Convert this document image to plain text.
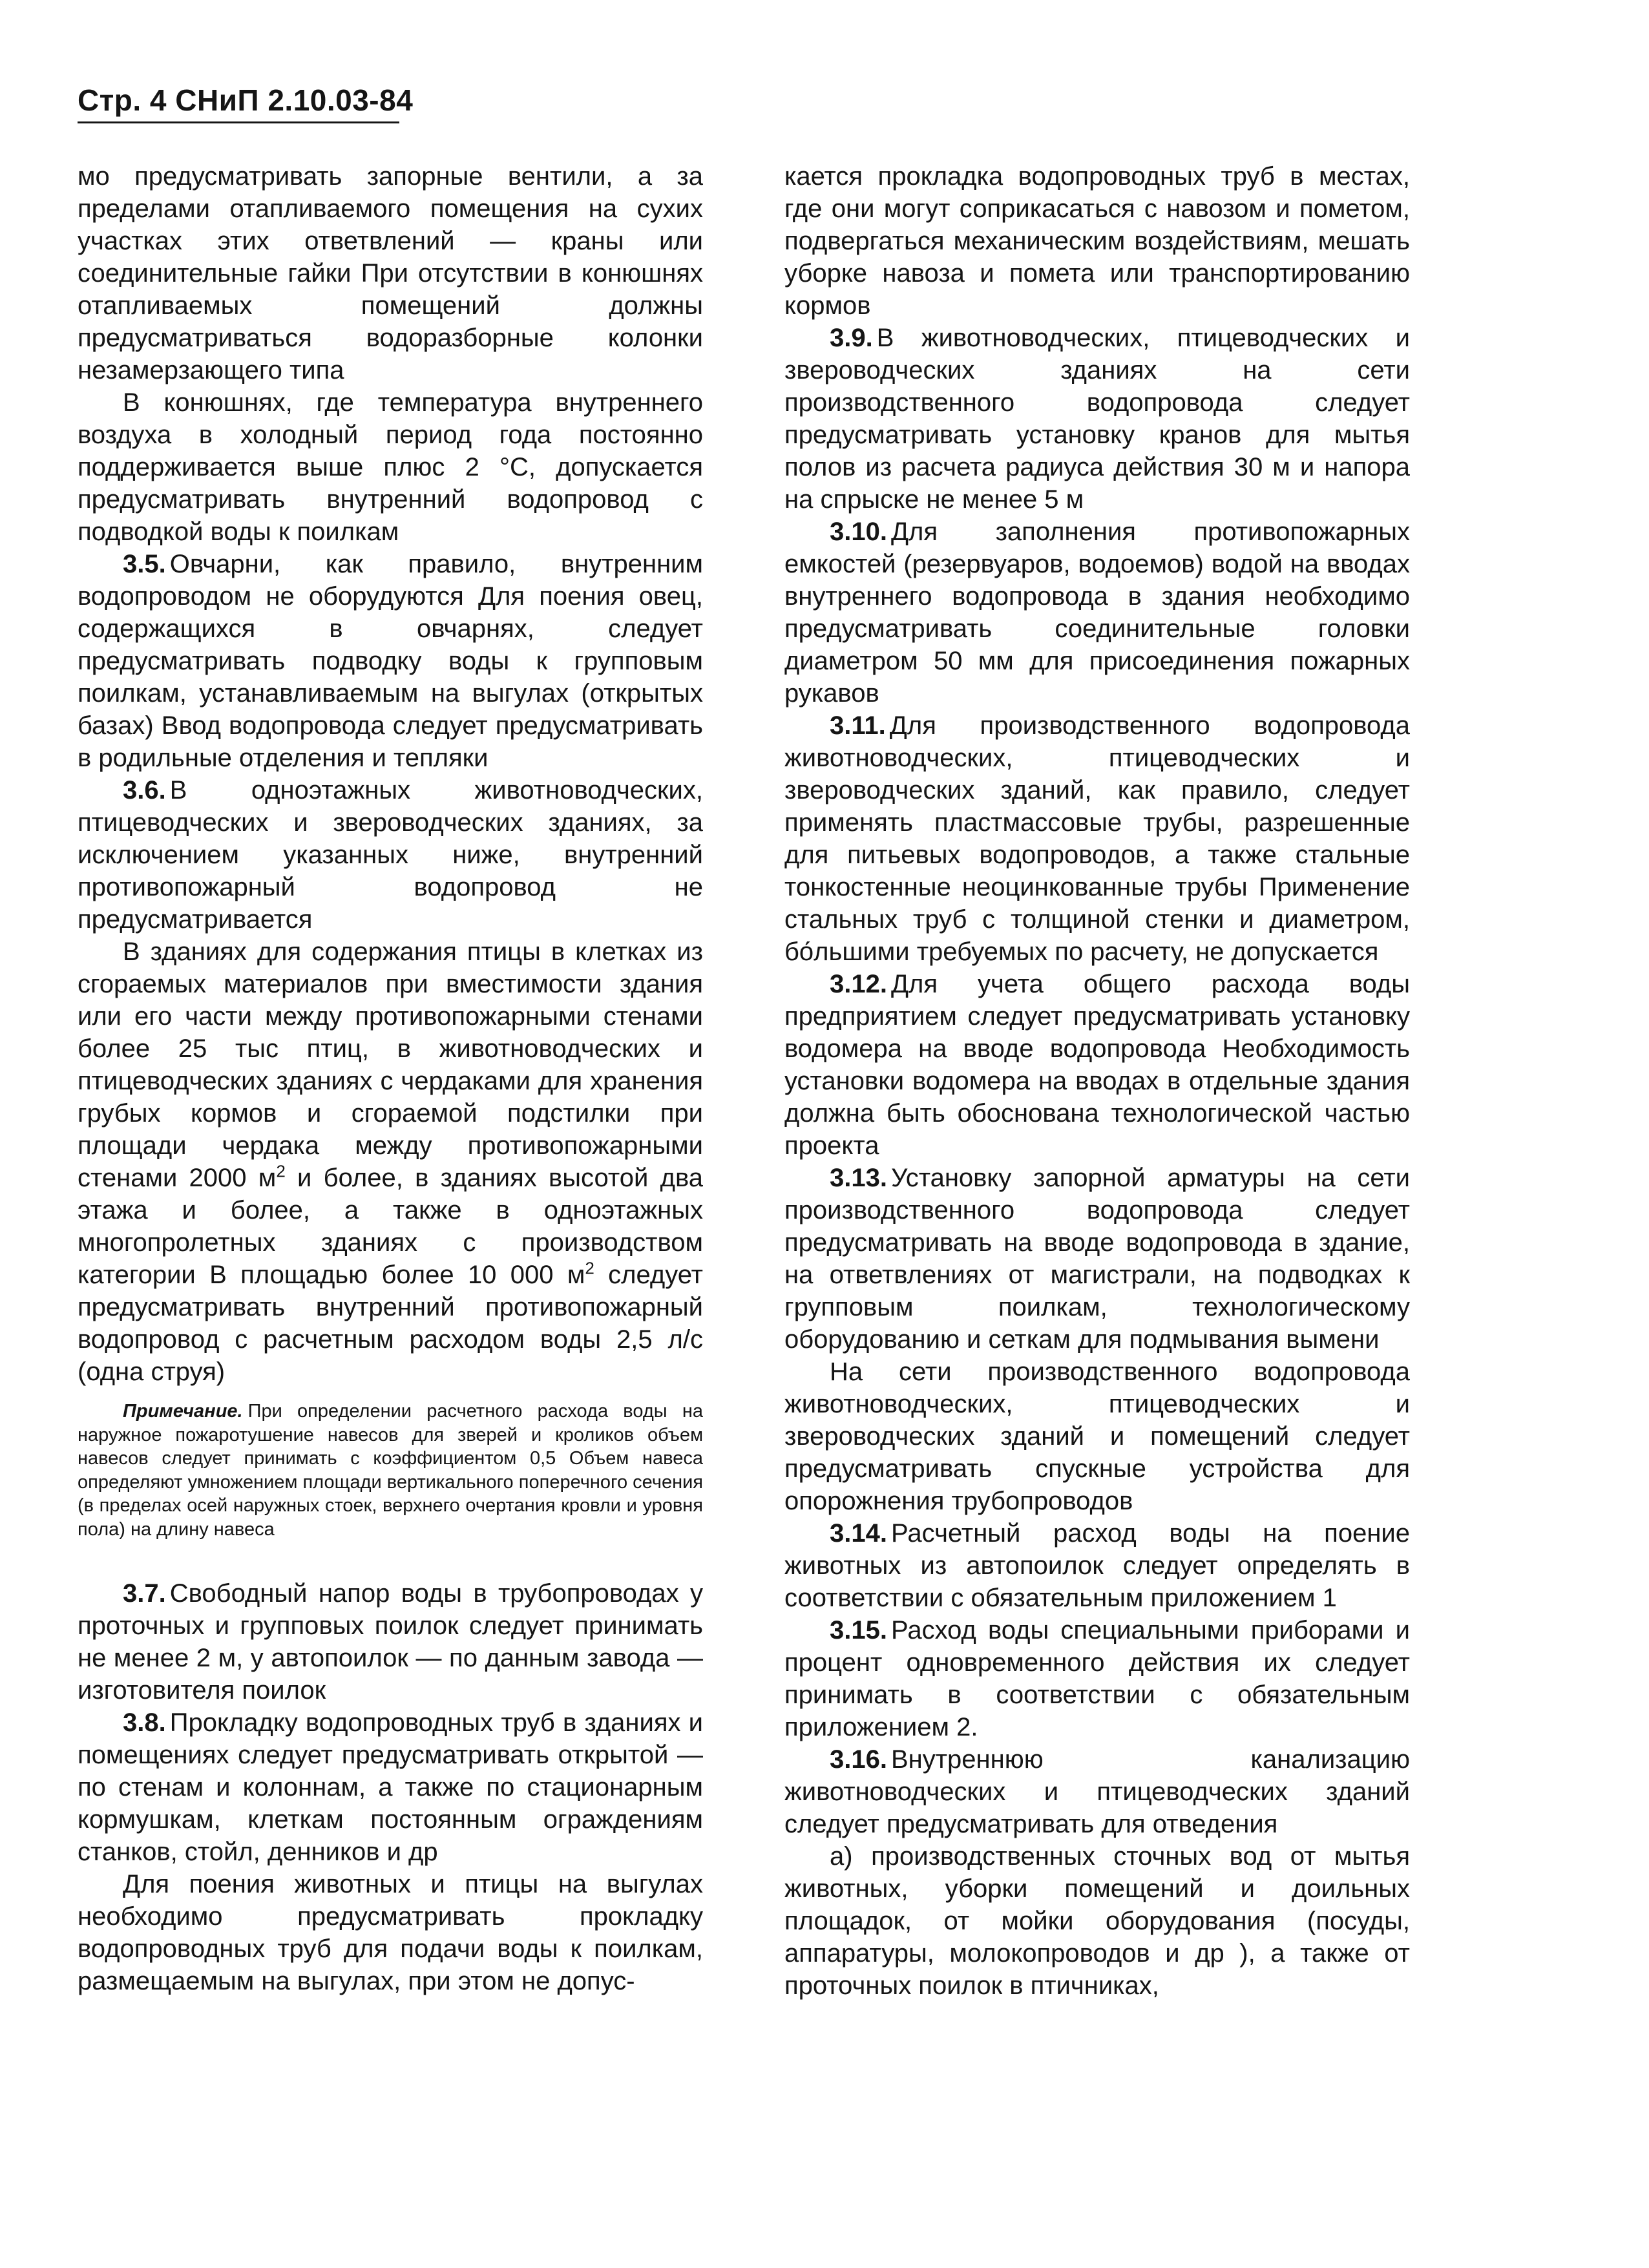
Стр. 4 СНиП 2.10.03-84

мо предусматривать запорные вентили, а за пределами отапливаемого помещения на сухих участках этих ответвлений — краны или соединительные гайки При отсутствии в конюшнях отапливаемых помещений должны предусматриваться водоразборные колонки незамерзающего типа

В конюшнях, где температура внутреннего воздуха в холодный период года постоянно поддерживается выше плюс 2 °С, допускается предусматривать внутренний водопровод с подводкой воды к поилкам

3.5. Овчарни, как правило, внутренним водопроводом не оборудуются Для поения овец, содержащихся в овчарнях, следует предусматривать подводку воды к групповым поилкам, устанавливаемым на выгулах (открытых базах) Ввод водопровода следует предусматривать в родильные отделения и тепляки

3.6. В одноэтажных животноводческих, птицеводческих и звероводческих зданиях, за исключением указанных ниже, внутренний противопожарный водопровод не предусматривается

В зданиях для содержания птицы в клетках из сгораемых материалов при вместимости здания или его части между противопожарными стенами более 25 тыс птиц, в животноводческих и птицеводческих зданиях с чердаками для хранения грубых кормов и сгораемой подстилки при площади чердака между противопожарными стенами 2000 $м^2$ и более, в зданиях высотой два этажа и более, а также в одноэтажных многопролетных зданиях с производством категории В площадью более 10 000 $м^2$ следует предусматривать внутренний противопожарный водопровод с расчетным расходом воды 2,5 л/с (одна струя)

Примечание. При определении расчетного расхода воды на наружное пожаротушение навесов для зверей и кроликов объем навесов следует принимать с коэффициентом 0,5 Объем навеса определяют умножением площади вертикального поперечного сечения (в пределах осей наружных стоек, верхнего очертания кровли и уровня пола) на длину навеса

3.7. Свободный напор воды в трубопроводах у проточных и групповых поилок следует принимать не менее 2 м, у автопоилок — по данным завода — изготовителя поилок

3.8. Прокладку водопроводных труб в зданиях и помещениях следует предусматривать открытой — по стенам и колоннам, а также по стационарным кормушкам, клеткам постоянным ограждениям станков, стойл, денников и др

Для поения животных и птицы на выгулах необходимо предусматривать прокладку водопроводных труб для подачи воды к поилкам, размещаемым на выгулах, при этом не допус-

кается прокладка водопроводных труб в местах, где они могут соприкасаться с навозом и пометом, подвергаться механическим воздействиям, мешать уборке навоза и помета или транспортированию кормов

3.9. В животноводческих, птицеводческих и звероводческих зданиях на сети производственного водопровода следует предусматривать установку кранов для мытья полов из расчета радиуса действия 30 м и напора на спрыске не менее 5 м

3.10. Для заполнения противопожарных емкостей (резервуаров, водоемов) водой на вводах внутреннего водопровода в здания необходимо предусматривать соединительные головки диаметром 50 мм для присоединения пожарных рукавов

3.11. Для производственного водопровода животноводческих, птицеводческих и звероводческих зданий, как правило, следует применять пластмассовые трубы, разрешенные для питьевых водопроводов, а также стальные тонкостенные неоцинкованные трубы Применение стальных труб с толщиной стенки и диаметром, бо́льшими требуемых по расчету, не допускается

3.12. Для учета общего расхода воды предприятием следует предусматривать установку водомера на вводе водопровода Необходимость установки водомера на вводах в отдельные здания должна быть обоснована технологической частью проекта

3.13. Установку запорной арматуры на сети производственного водопровода следует предусматривать на вводе водопровода в здание, на ответвлениях от магистрали, на подводках к групповым поилкам, технологическому оборудованию и сеткам для подмывания вымени

На сети производственного водопровода животноводческих, птицеводческих и звероводческих зданий и помещений следует предусматривать спускные устройства для опорожнения трубопроводов

3.14. Расчетный расход воды на поение животных из автопоилок следует определять в соответствии с обязательным приложением 1

3.15. Расход воды специальными приборами и процент одновременного действия их следует принимать в соответствии с обязательным приложением 2.

3.16. Внутреннюю канализацию животноводческих и птицеводческих зданий следует предусматривать для отведения

а) производственных сточных вод от мытья животных, уборки помещений и доильных площадок, от мойки оборудования (посуды, аппаратуры, молокопроводов и др ), а также от проточных поилок в птичниках,
